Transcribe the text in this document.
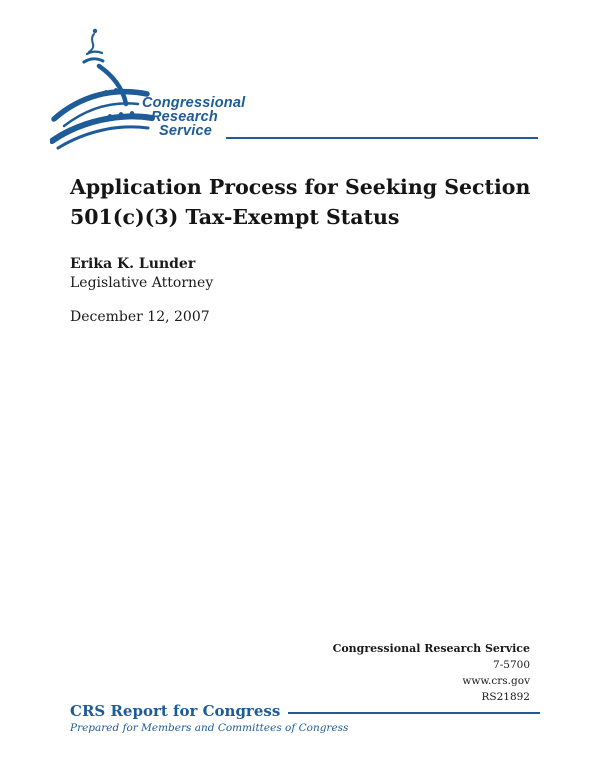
Congressional
Research
Service
Application Process for Seeking Section
501(c)(3) Tax-Exempt Status
Erika K. Lunder
Legislative Attorney
December 12, 2007
Congressional Research Service
7-5700
www.crs.gov
RS21892
CRS Report for Congress
Prepared for Members and Committees of Congress
